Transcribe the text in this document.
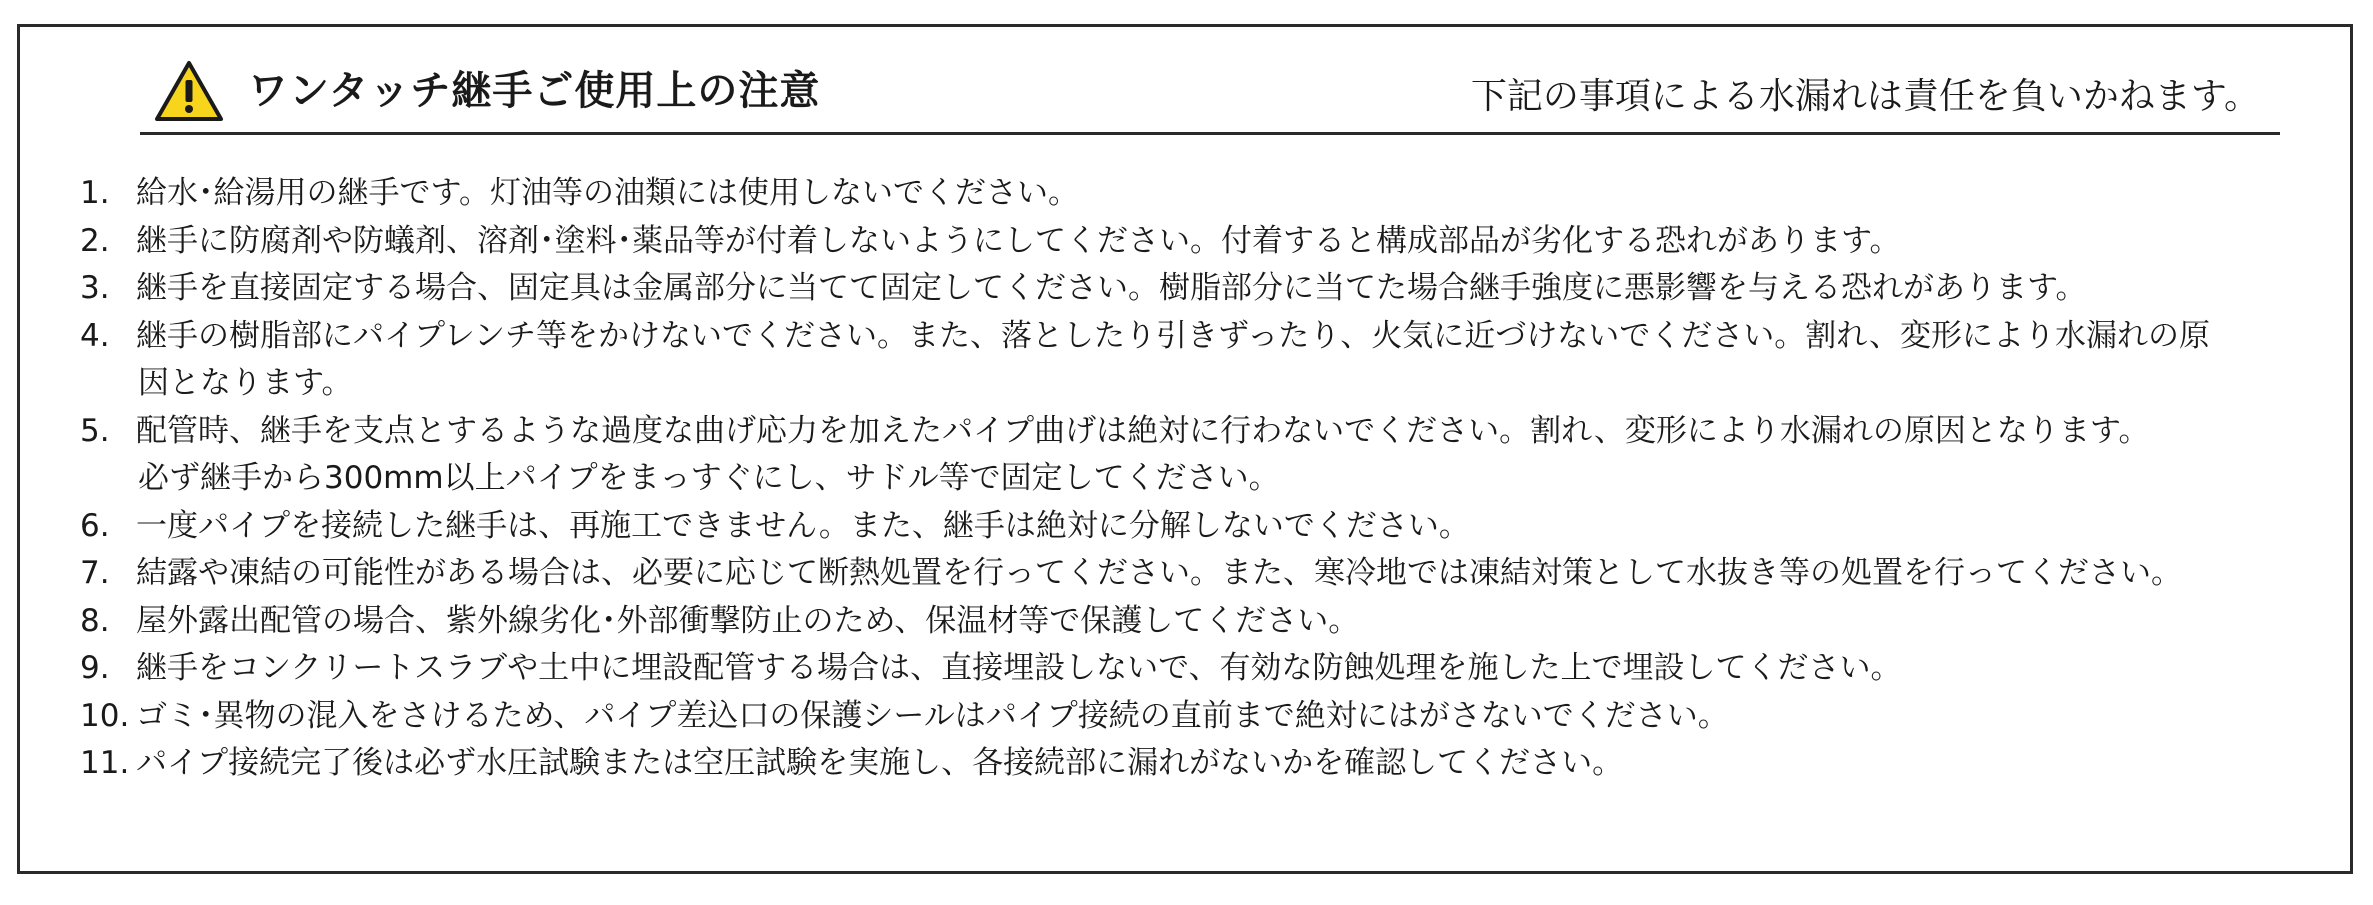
ワンタッチ継手ご使用上の注意	下記の事項による水漏れは責任を負いかねます。
1. 給水･給湯用の継手です。灯油等の油類には使用しないでください。
2. 継手に防腐剤や防蟻剤、溶剤･塗料･薬品等が付着しないようにしてください。付着すると構成部品が劣化する恐れがあります。
3. 継手を直接固定する場合、固定具は金属部分に当てて固定してください。樹脂部分に当てた場合継手強度に悪影響を与える恐れがあります。
4. 継手の樹脂部にパイプレンチ等をかけないでください。また、落としたり引きずったり、火気に近づけないでください。割れ、変形により水漏れの原
因となります。
5. 配管時、継手を支点とするような過度な曲げ応力を加えたパイプ曲げは絶対に行わないでください。割れ、変形により水漏れの原因となります。
必ず継手から300mm以上パイプをまっすぐにし、サドル等で固定してください。
6. 一度パイプを接続した継手は、再施工できません。また、継手は絶対に分解しないでください。
7. 結露や凍結の可能性がある場合は、必要に応じて断熱処置を行ってください。また、寒冷地では凍結対策として水抜き等の処置を行ってください。
8. 屋外露出配管の場合、紫外線劣化･外部衝撃防止のため、保温材等で保護してください。
9. 継手をコンクリートスラブや土中に埋設配管する場合は、直接埋設しないで、有効な防蝕処理を施した上で埋設してください。
10. ゴミ･異物の混入をさけるため、パイプ差込口の保護シールはパイプ接続の直前まで絶対にはがさないでください。
11. パイプ接続完了後は必ず水圧試験または空圧試験を実施し、各接続部に漏れがないかを確認してください。
